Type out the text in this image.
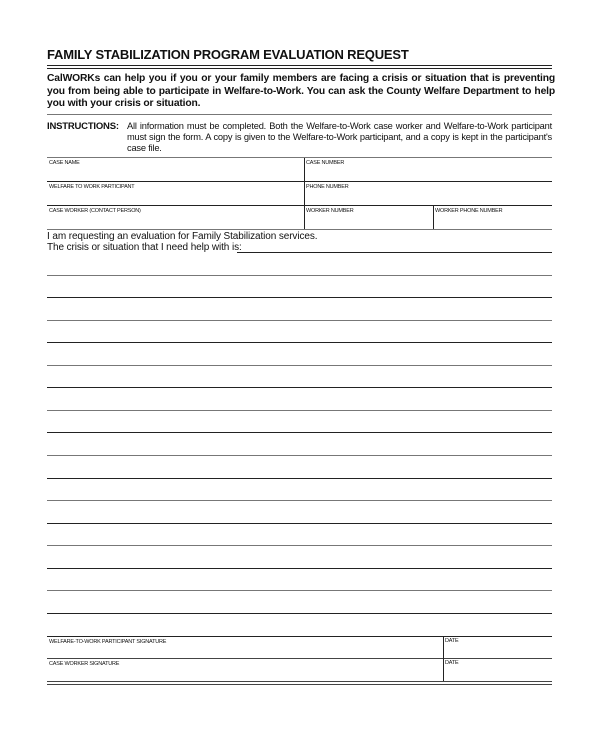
FAMILY STABILIZATION PROGRAM EVALUATION REQUEST
CalWORKs can help you if you or your family members are facing a crisis or situation that is preventing you from being able to participate in Welfare-to-Work. You can ask the County Welfare Department to help you with your crisis or situation.
INSTRUCTIONS: All information must be completed. Both the Welfare-to-Work case worker and Welfare-to-Work participant must sign the form. A copy is given to the Welfare-to-Work participant, and a copy is kept in the participant's case file.
CASE NAME	CASE NUMBER
WELFARE TO WORK PARTICIPANT	PHONE NUMBER
CASE WORKER (CONTACT PERSON)	WORKER NUMBER	WORKER PHONE NUMBER
I am requesting an evaluation for Family Stabilization services.
The crisis or situation that I need help with is:
WELFARE-TO-WORK PARTICIPANT SIGNATURE	DATE
CASE WORKER SIGNATURE	DATE
